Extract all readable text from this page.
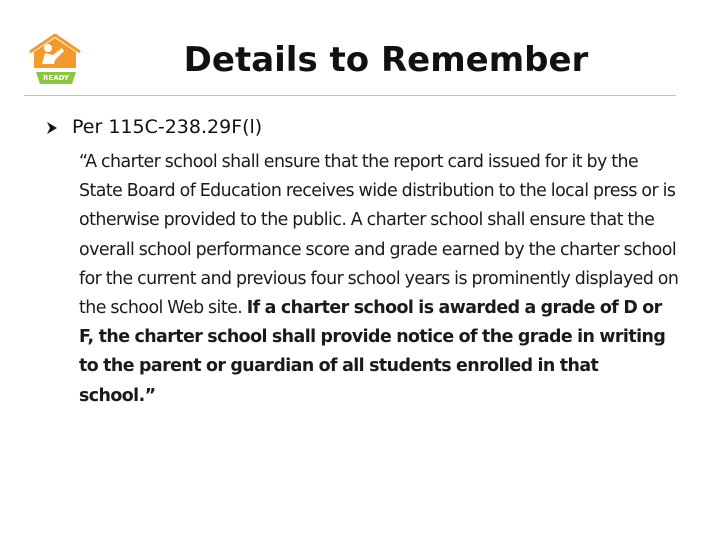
READY	Details to Remember
Per 115C-238.29F(l)
“A charter school shall ensure that the report card issued for it by the State Board of Education receives wide distribution to the local press or is otherwise provided to the public. A charter school shall ensure that the overall school performance score and grade earned by the charter school for the current and previous four school years is prominently displayed on the school Web site. If a charter school is awarded a grade of D or F, the charter school shall provide notice of the grade in writing to the parent or guardian of all students enrolled in that school.”
